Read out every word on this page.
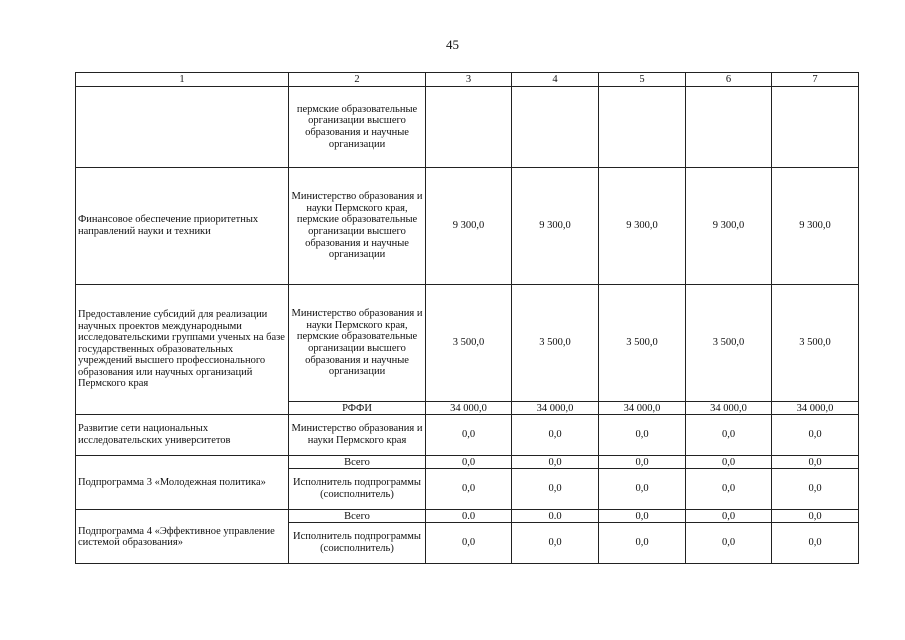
45
1	2	3	4	5	6	7
	пермские образовательные организации высшего образования и научные организации					
Финансовое обеспечение приоритетных направлений науки и техники	Министерство образования и науки Пермского края, пермские образовательные организации высшего образования и научные организации	9 300,0	9 300,0	9 300,0	9 300,0	9 300,0
Предоставление субсидий для реализации научных проектов международными исследовательскими группами ученых на базе государственных образовательных учреждений высшего профессионального образования или научных организаций Пермского края	Министерство образования и науки Пермского края, пермские образовательные организации высшего образования и научные организации	3 500,0	3 500,0	3 500,0	3 500,0	3 500,0
	РФФИ	34 000,0	34 000,0	34 000,0	34 000,0	34 000,0
Развитие сети национальных исследовательских университетов	Министерство образования и науки Пермского края	0,0	0,0	0,0	0,0	0,0
Подпрограмма 3 «Молодежная политика»	Всего	0,0	0,0	0,0	0,0	0,0
	Исполнитель подпрограммы (соисполнитель)	0,0	0,0	0,0	0,0	0,0
Подпрограмма 4 «Эффективное управление системой образования»	Всего	0.0	0.0	0,0	0,0	0,0
	Исполнитель подпрограммы (соисполнитель)	0,0	0,0	0,0	0,0	0,0
